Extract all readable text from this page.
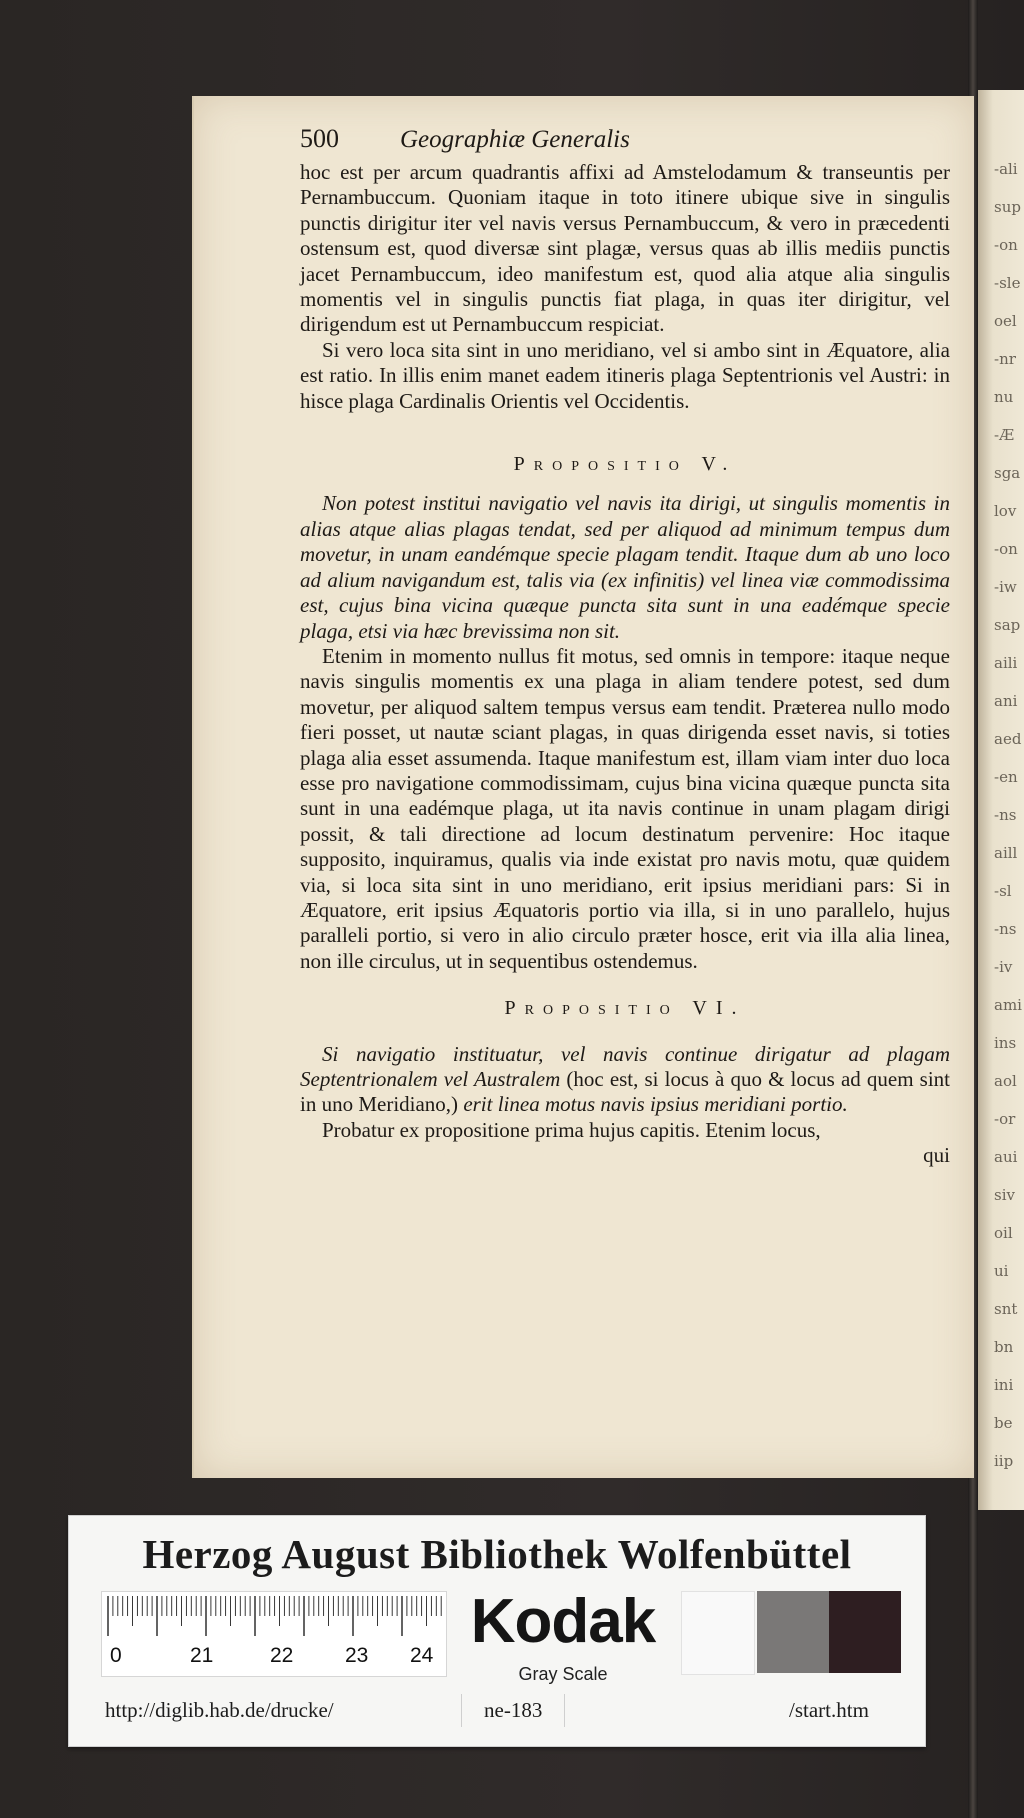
-ali
sup
-on
-sle
oel
-nr
nu
-Æ
sga
lov
-on
-iw
sap
aili
ani
aed
-en
-ns
aill
-sl
-ns
-iv
ami
ins
aol
-or
aui
siv
oil
ui
snt
bn
ini
be
iip
500	Geographiæ Generalis

hoc est per arcum quadrantis affixi ad Amstelodamum & transeuntis per Pernambuccum. Quoniam itaque in toto itinere ubique sive in singulis punctis dirigitur iter vel navis versus Pernambuccum, & vero in præcedenti ostensum est, quod diversæ sint plagæ, versus quas ab illis mediis punctis jacet Pernambuccum, ideo manifestum est, quod alia atque alia singulis momentis vel in singulis punctis fiat plaga, in quas iter dirigitur, vel dirigendum est ut Pernambuccum respiciat.

Si vero loca sita sint in uno meridiano, vel si ambo sint in Æquatore, alia est ratio. In illis enim manet eadem itineris plaga Septentrionis vel Austri: in hisce plaga Cardinalis Orientis vel Occidentis.

Propositio V.

Non potest institui navigatio vel navis ita dirigi, ut singulis momentis in alias atque alias plagas tendat, sed per aliquod ad minimum tempus dum movetur, in unam eandémque specie plagam tendit. Itaque dum ab uno loco ad alium navigandum est, talis via (ex infinitis) vel linea viæ commodissima est, cujus bina vicina quæque puncta sita sunt in una eadémque specie plaga, etsi via hæc brevissima non sit.

Etenim in momento nullus fit motus, sed omnis in tempore: itaque neque navis singulis momentis ex una plaga in aliam tendere potest, sed dum movetur, per aliquod saltem tempus versus eam tendit. Præterea nullo modo fieri posset, ut nautæ sciant plagas, in quas dirigenda esset navis, si toties plaga alia esset assumenda. Itaque manifestum est, illam viam inter duo loca esse pro navigatione commodissimam, cujus bina vicina quæque puncta sita sunt in una eadémque plaga, ut ita navis continue in unam plagam dirigi possit, & tali directione ad locum destinatum pervenire: Hoc itaque supposito, inquiramus, qualis via inde existat pro navis motu, quæ quidem via, si loca sita sint in uno meridiano, erit ipsius meridiani pars: Si in Æquatore, erit ipsius Æquatoris portio via illa, si in uno parallelo, hujus paralleli portio, si vero in alio circulo præter hosce, erit via illa alia linea, non ille circulus, ut in sequentibus ostendemus.

Propositio VI.

Si navigatio instituatur, vel navis continue dirigatur ad plagam Septentrionalem vel Australem (hoc est, si locus à quo & locus ad quem sint in uno Meridiano,) erit linea motus navis ipsius meridiani portio.

Probatur ex propositione prima hujus capitis. Etenim locus,

qui

Herzog August Bibliothek Wolfenbüttel
0	21	22 23 24 Kodak
Gray Scale
http://diglib.hab.de/drucke/	ne-183	/start.htm
